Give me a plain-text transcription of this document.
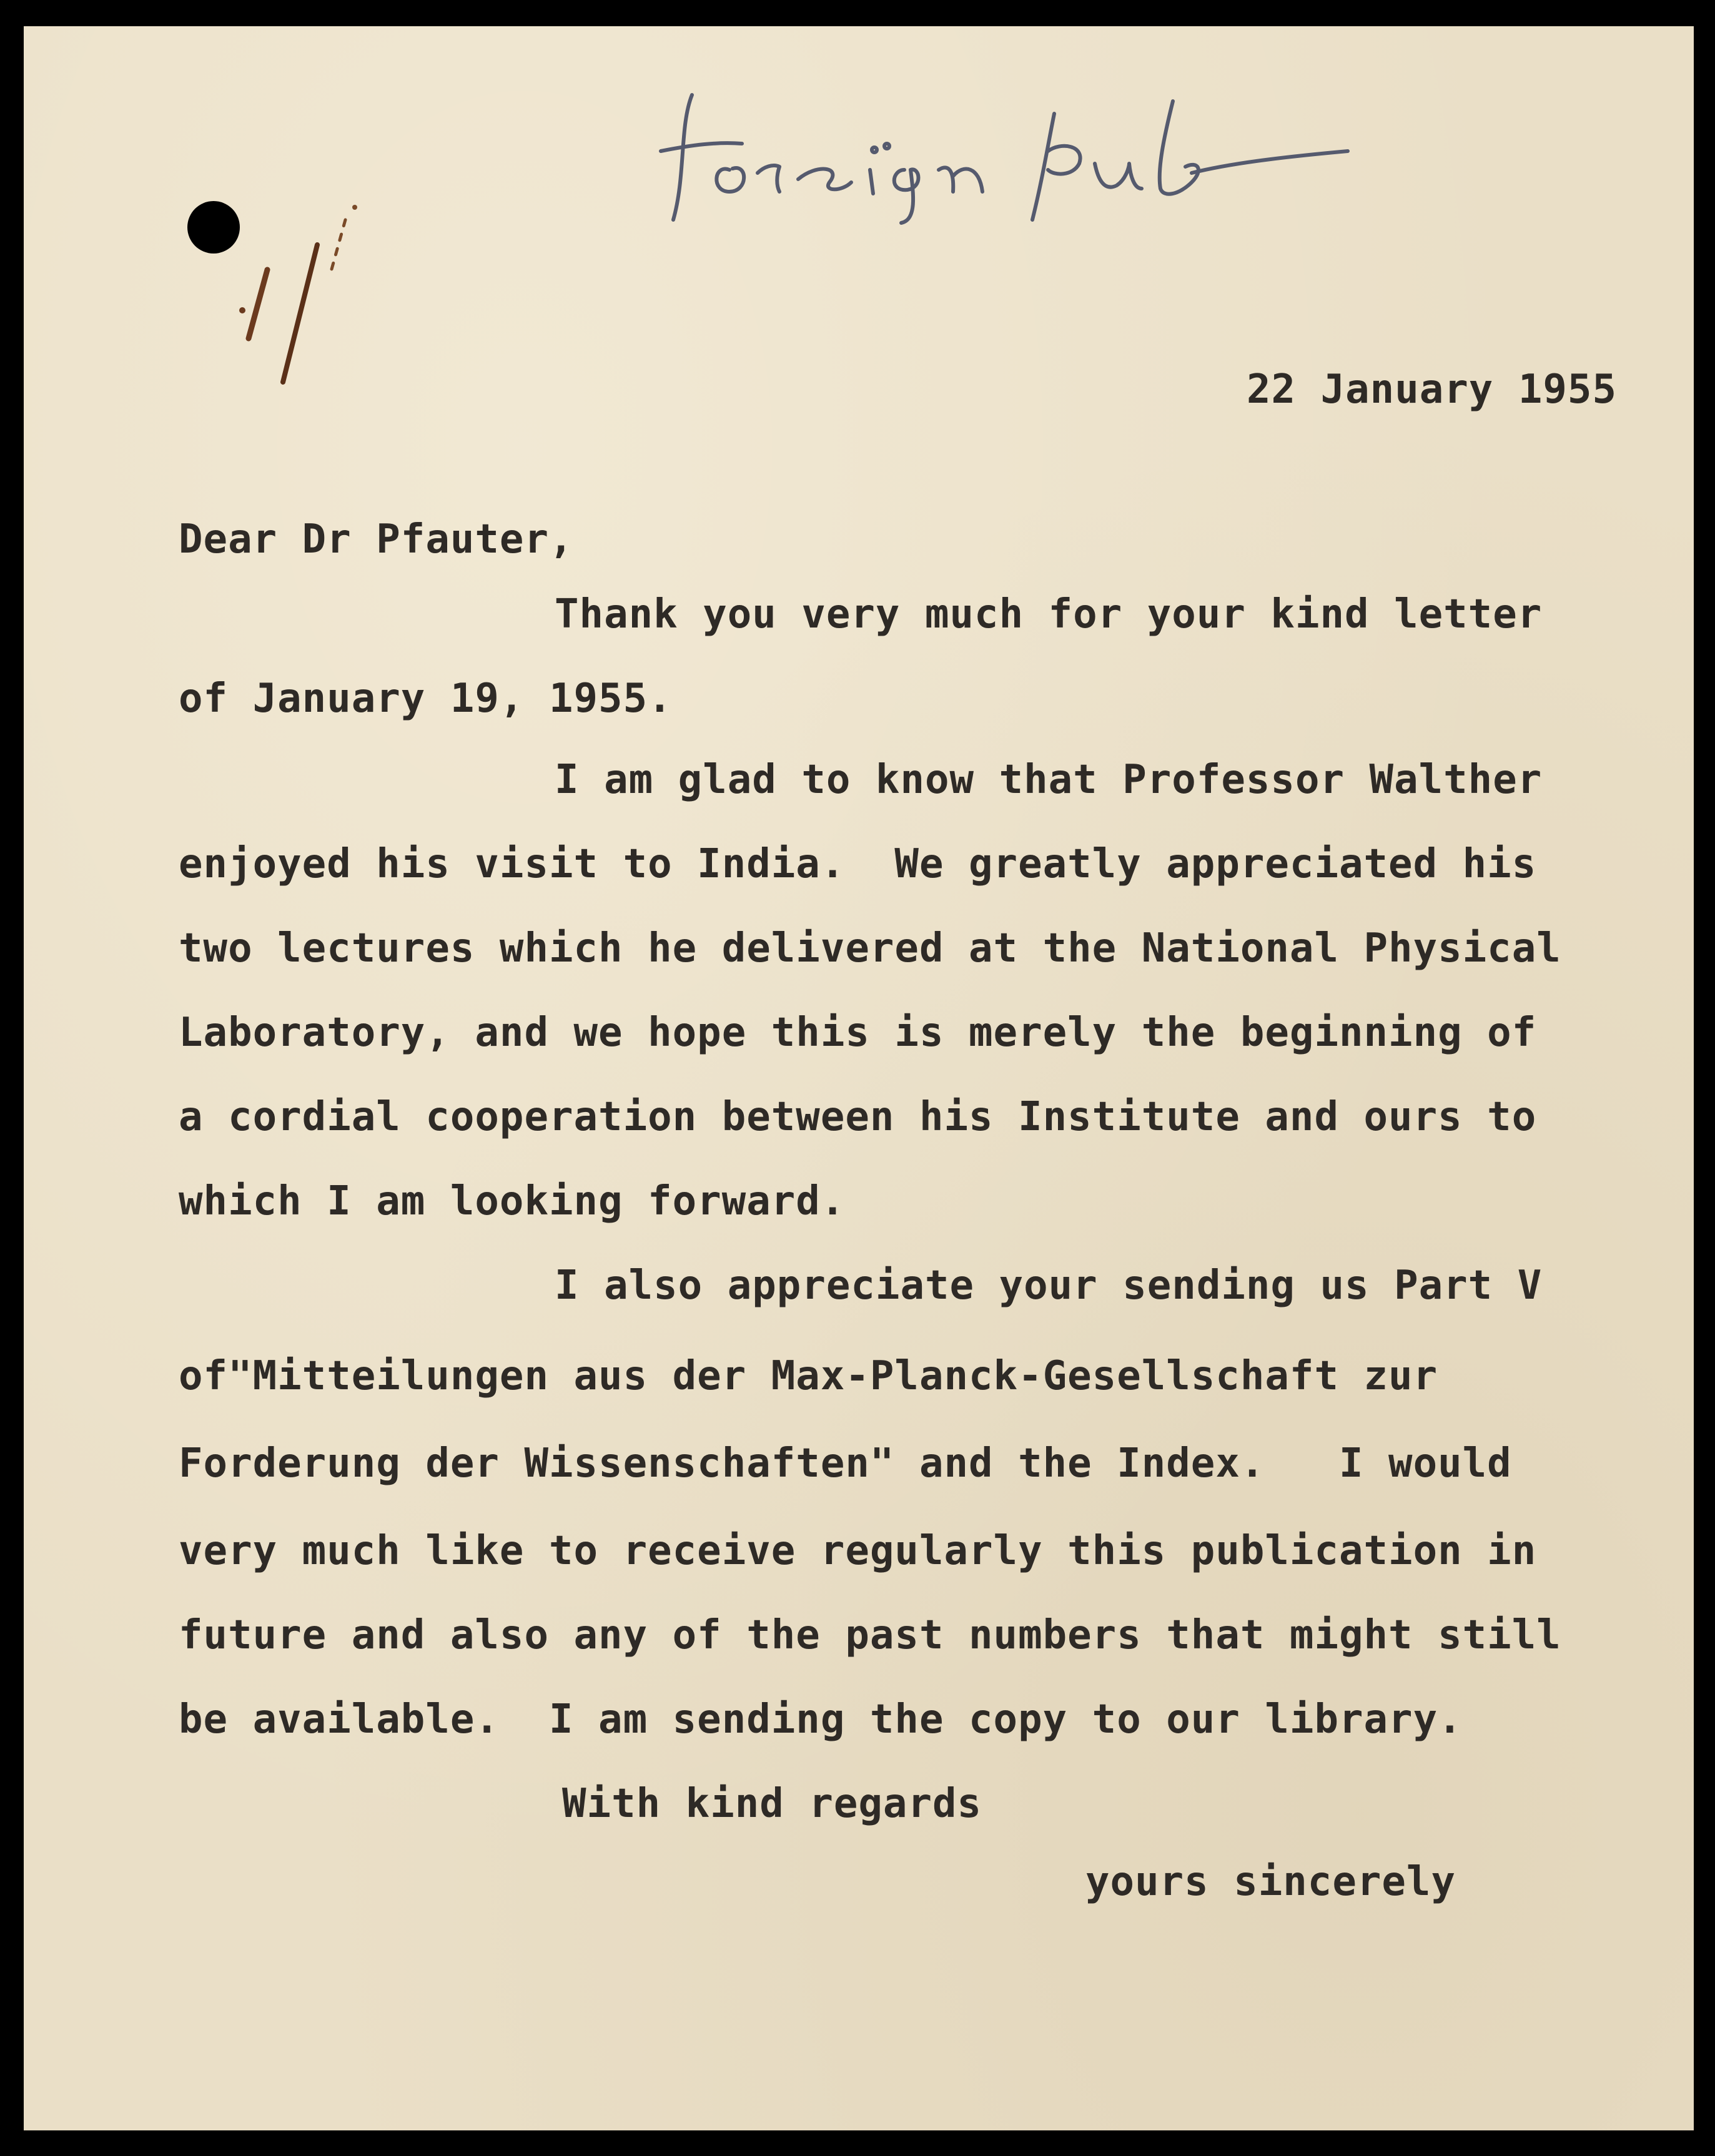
22 January 1955
Dear Dr Pfauter,
Thank you very much for your kind letter
of January 19, 1955.
I am glad to know that Professor Walther
enjoyed his visit to India.  We greatly appreciated his
two lectures which he delivered at the National Physical
Laboratory, and we hope this is merely the beginning of
a cordial cooperation between his Institute and ours to
which I am looking forward.
I also appreciate your sending us Part V
of"Mitteilungen aus der Max-Planck-Gesellschaft zur
Forderung der Wissenschaften" and the Index.   I would
very much like to receive regularly this publication in
future and also any of the past numbers that might still
be available.  I am sending the copy to our library.
With kind regards
yours sincerely
